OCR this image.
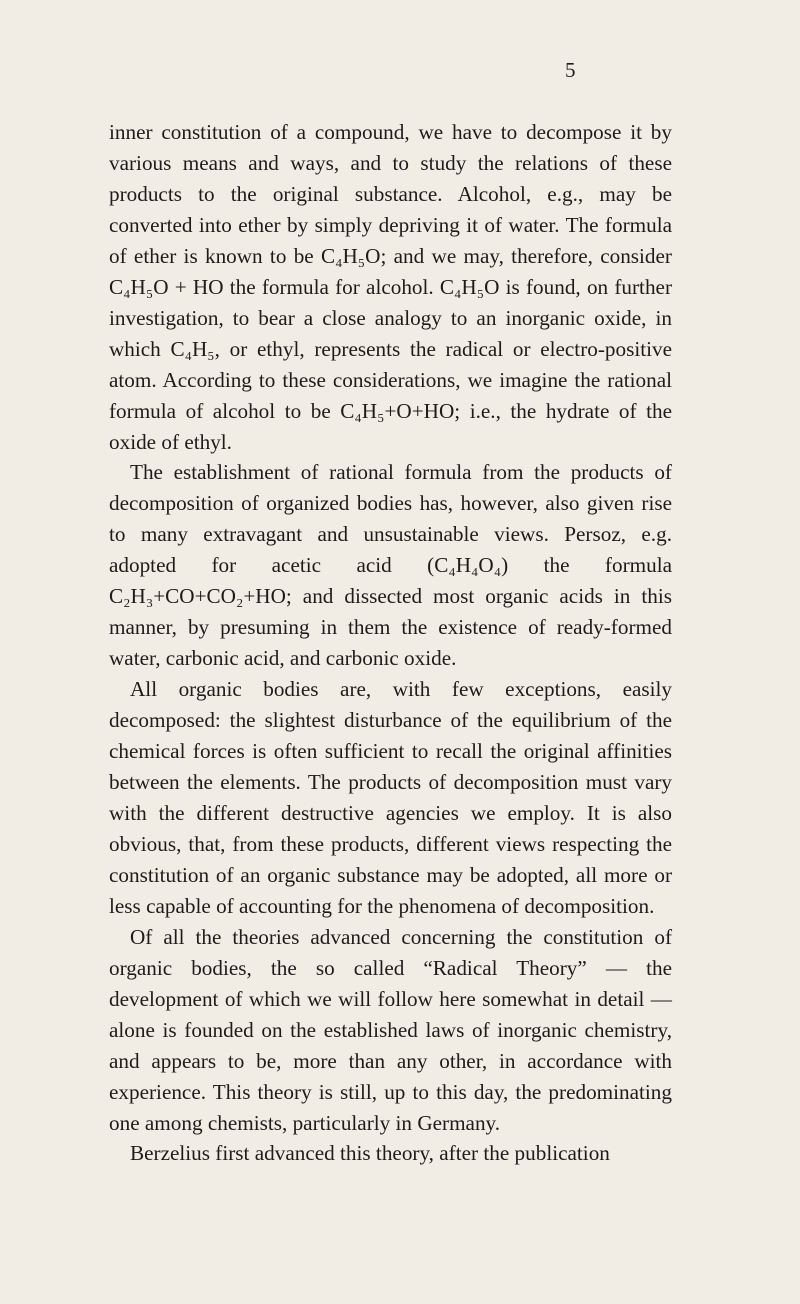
5

inner constitution of a compound, we have to decompose it by various means and ways, and to study the relations of these products to the original substance. Alcohol, e.g., may be converted into ether by simply depriving it of water. The formula of ether is known to be C₄H₅O; and we may, therefore, consider C₄H₅O + HO the formula for alcohol. C₄H₅O is found, on further investigation, to bear a close analogy to an inorganic oxide, in which C₄H₅, or ethyl, represents the radical or electro-positive atom. According to these considerations, we imagine the rational formula of alcohol to be C₄H₅+O+HO; i.e., the hydrate of the oxide of ethyl.

The establishment of rational formula from the products of decomposition of organized bodies has, however, also given rise to many extravagant and unsustainable views. Persoz, e.g. adopted for acetic acid (C₄H₄O₄) the formula C₂H₃+CO+CO₂+HO; and dissected most organic acids in this manner, by presuming in them the existence of ready-formed water, carbonic acid, and carbonic oxide.

All organic bodies are, with few exceptions, easily decomposed: the slightest disturbance of the equilibrium of the chemical forces is often sufficient to recall the original affinities between the elements. The products of decomposition must vary with the different destructive agencies we employ. It is also obvious, that, from these products, different views respecting the constitution of an organic substance may be adopted, all more or less capable of accounting for the phenomena of decomposition.

Of all the theories advanced concerning the constitution of organic bodies, the so called “Radical Theory” — the development of which we will follow here somewhat in detail — alone is founded on the established laws of inorganic chemistry, and appears to be, more than any other, in accordance with experience. This theory is still, up to this day, the predominating one among chemists, particularly in Germany.

Berzelius first advanced this theory, after the publication
